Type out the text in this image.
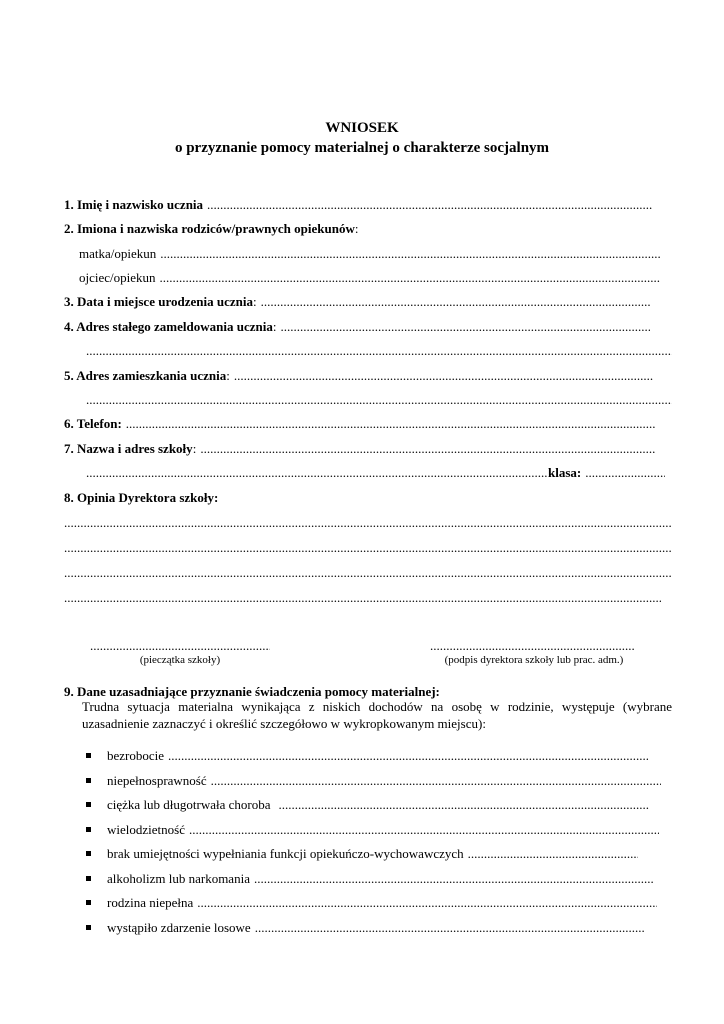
WNIOSEK
o przyznanie pomocy materialnej o charakterze socjalnym
1. Imię i nazwisko ucznia.....
2. Imiona i nazwiska rodziców/prawnych opiekunów:
matka/opiekun.....
ojciec/opiekun.....
3. Data i miejsce urodzenia ucznia:.....
4. Adres stałego zameldowania ucznia:.....
.....
5. Adres zamieszkania ucznia:.....
.....
6. Telefon:.....
7. Nazwa i adres szkoły:.....
.....klasa:.....
8. Opinia Dyrektora szkoły:
.....
.....
.....
.....
.....
(pieczątka szkoły)
.....	(podpis dyrektora szkoły lub prac. adm.)
9. Dane uzasadniające przyznanie świadczenia pomocy materialnej:
Trudna sytuacja materialna wynikająca z niskich dochodów na osobę w rodzinie, występuje (wybrane uzasadnienie zaznaczyć i określić szczegółowo w wykropkowanym miejscu):
bezrobocie.....
niepełnosprawność.....
ciężka lub długotrwała choroba.....
wielodzietność.....
brak umiejętności wypełniania funkcji opiekuńczo-wychowawczych.....
alkoholizm lub narkomania.....
rodzina niepełna.....
wystąpiło zdarzenie losowe.....
